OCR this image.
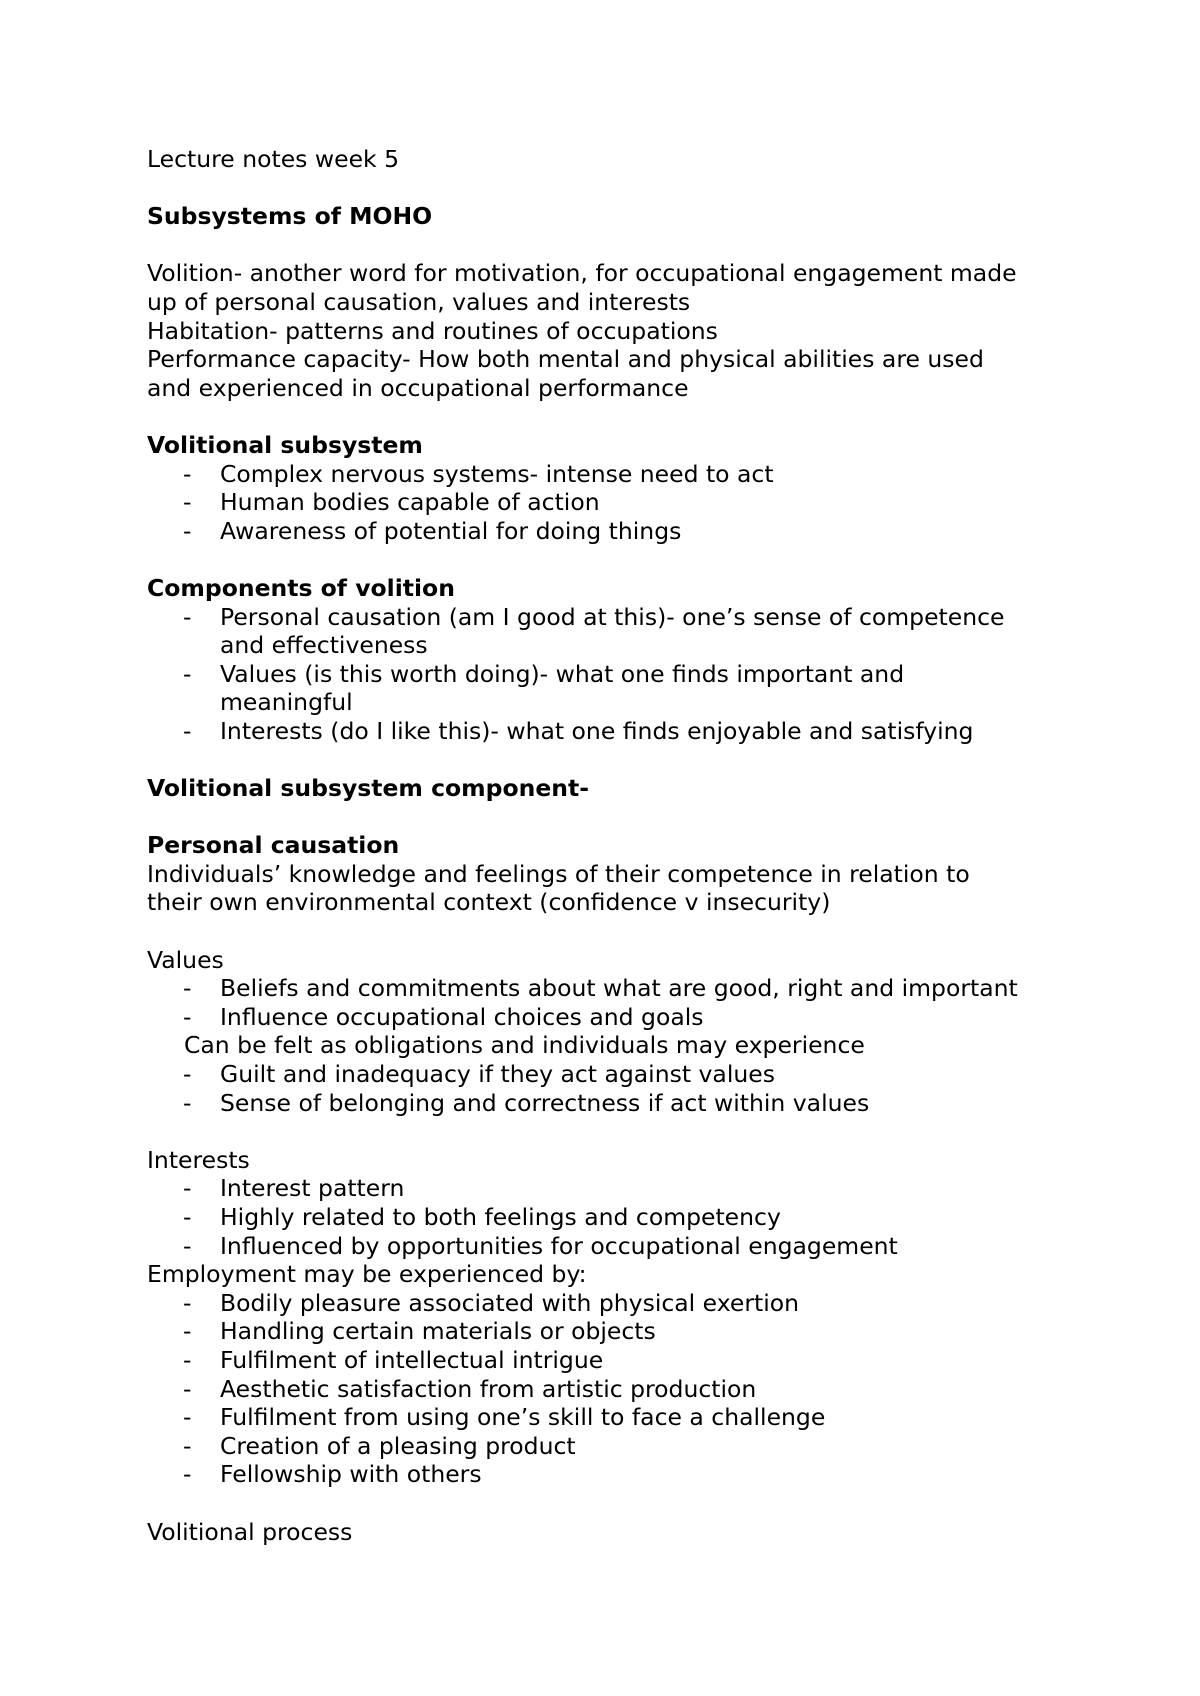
Lecture notes week 5
Subsystems of MOHO
Volition- another word for motivation, for occupational engagement made
up of personal causation, values and interests
Habitation- patterns and routines of occupations
Performance capacity- How both mental and physical abilities are used
and experienced in occupational performance
Volitional subsystem
- Complex nervous systems- intense need to act
- Human bodies capable of action
- Awareness of potential for doing things
Components of volition
- Personal causation (am I good at this)- one’s sense of competence
and effectiveness
- Values (is this worth doing)- what one finds important and
meaningful
- Interests (do I like this)- what one finds enjoyable and satisfying
Volitional subsystem component-
Personal causation
Individuals’ knowledge and feelings of their competence in relation to
their own environmental context (confidence v insecurity)
Values
- Beliefs and commitments about what are good, right and important
- Influence occupational choices and goals
Can be felt as obligations and individuals may experience
- Guilt and inadequacy if they act against values
- Sense of belonging and correctness if act within values
Interests
- Interest pattern
- Highly related to both feelings and competency
- Influenced by opportunities for occupational engagement
Employment may be experienced by:
- Bodily pleasure associated with physical exertion
- Handling certain materials or objects
- Fulfilment of intellectual intrigue
- Aesthetic satisfaction from artistic production
- Fulfilment from using one’s skill to face a challenge
- Creation of a pleasing product
- Fellowship with others
Volitional process
